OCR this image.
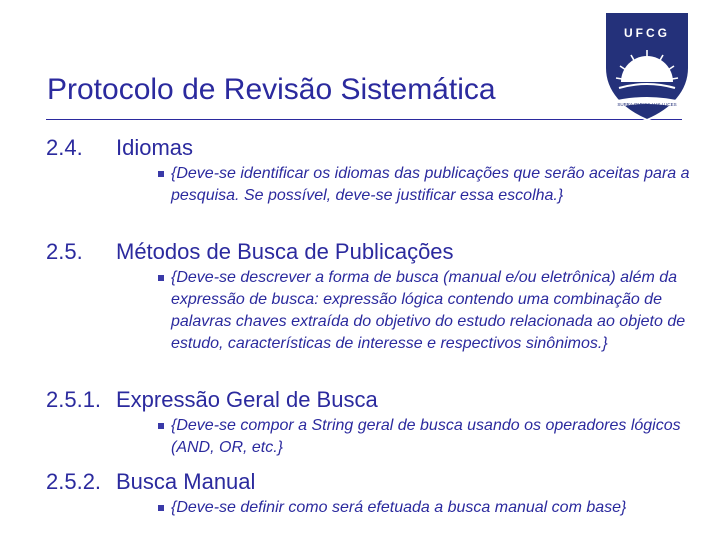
Protocolo de Revisão Sistemática
UFCG
SUPRA OMNES LUX LUCES
2.4.	Idiomas
{Deve-se identificar os idiomas das publicações que serão aceitas para a pesquisa. Se possível, deve-se justificar essa escolha.}
2.5.	Métodos de Busca de Publicações
{Deve-se descrever a forma de busca (manual e/ou eletrônica) além da expressão de busca: expressão lógica contendo uma combinação de palavras chaves extraída do objetivo do estudo relacionada ao objeto de estudo, características de interesse e respectivos sinônimos.}
2.5.1. Expressão Geral de Busca
{Deve-se compor a String geral de busca usando os operadores lógicos (AND, OR, etc.}
2.5.2. Busca Manual
{Deve-se definir como será efetuada a busca manual com base}
